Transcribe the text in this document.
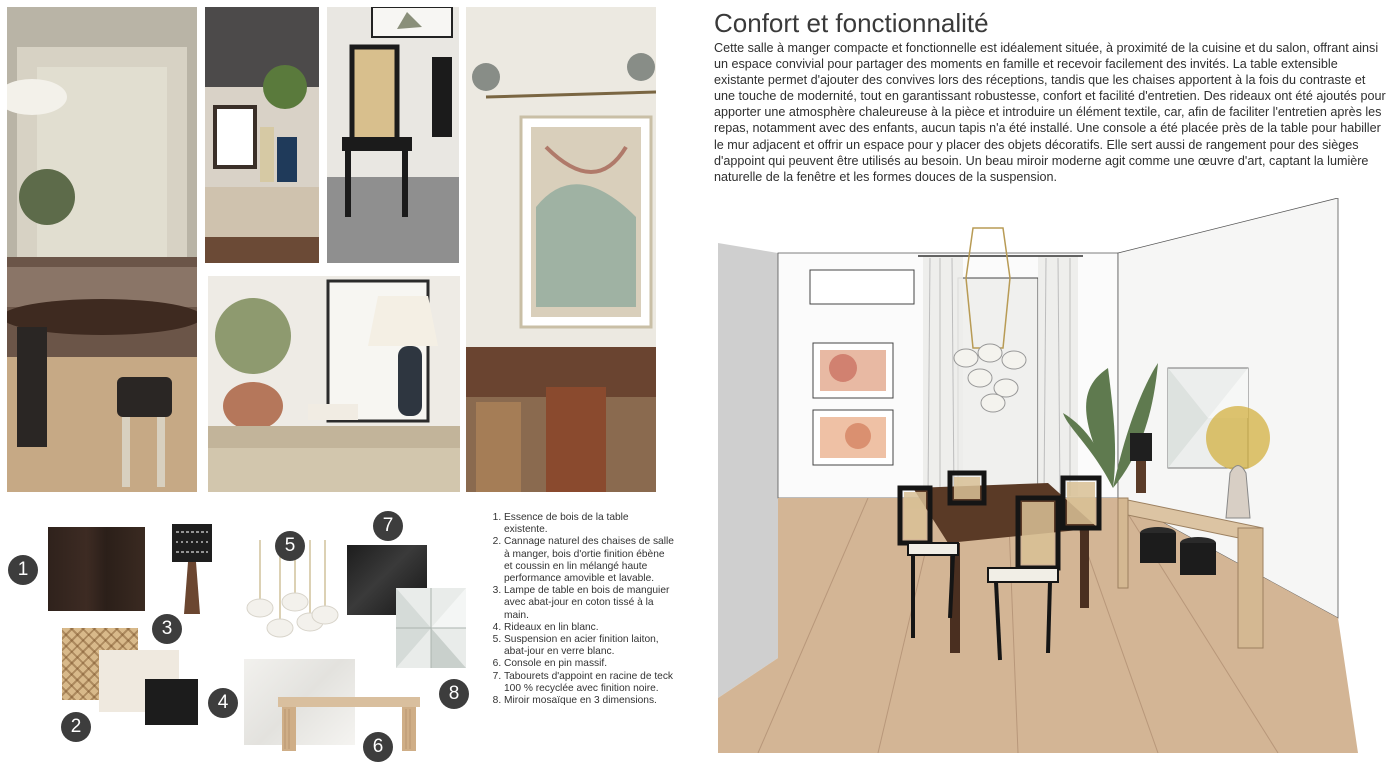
1
2
3
4
5
6
7
8
1. Essence de bois de la table existente.
2. Cannage naturel des chaises de salle à manger, bois d'ortie finition ébène et coussin en lin mélangé haute performance amovible et lavable.
3. Lampe de table en bois de manguier avec abat-jour en coton tissé à la main.
4. Rideaux en lin blanc.
5. Suspension en acier finition laiton, abat-jour en verre blanc.
6. Console en pin massif.
7. Tabourets d'appoint en racine de teck 100 % recyclée avec finition noire.
8. Miroir mosaïque en 3 dimensions.
Confort et fonctionnalité

Cette salle à manger compacte et fonctionnelle est idéalement située, à proximité de la cuisine et du salon, offrant ainsi un espace convivial pour partager des moments en famille et recevoir facilement des invités. La table extensible existante permet d'ajouter des convives lors des réceptions, tandis que les chaises apportent à la fois du contraste et une touche de modernité, tout en garantissant robustesse, confort et facilité d'entretien. Des rideaux ont été ajoutés pour apporter une atmosphère chaleureuse à la pièce et introduire un élément textile, car, afin de faciliter l'entretien après les repas, notamment avec des enfants, aucun tapis n'a été installé. Une console a été placée près de la table pour habiller le mur adjacent et offrir un espace pour y placer des objets décoratifs. Elle sert aussi de rangement pour des sièges d'appoint qui peuvent être utilisés au besoin. Un beau miroir moderne agit comme une œuvre d'art, captant la lumière naturelle de la fenêtre et les formes douces de la suspension.
